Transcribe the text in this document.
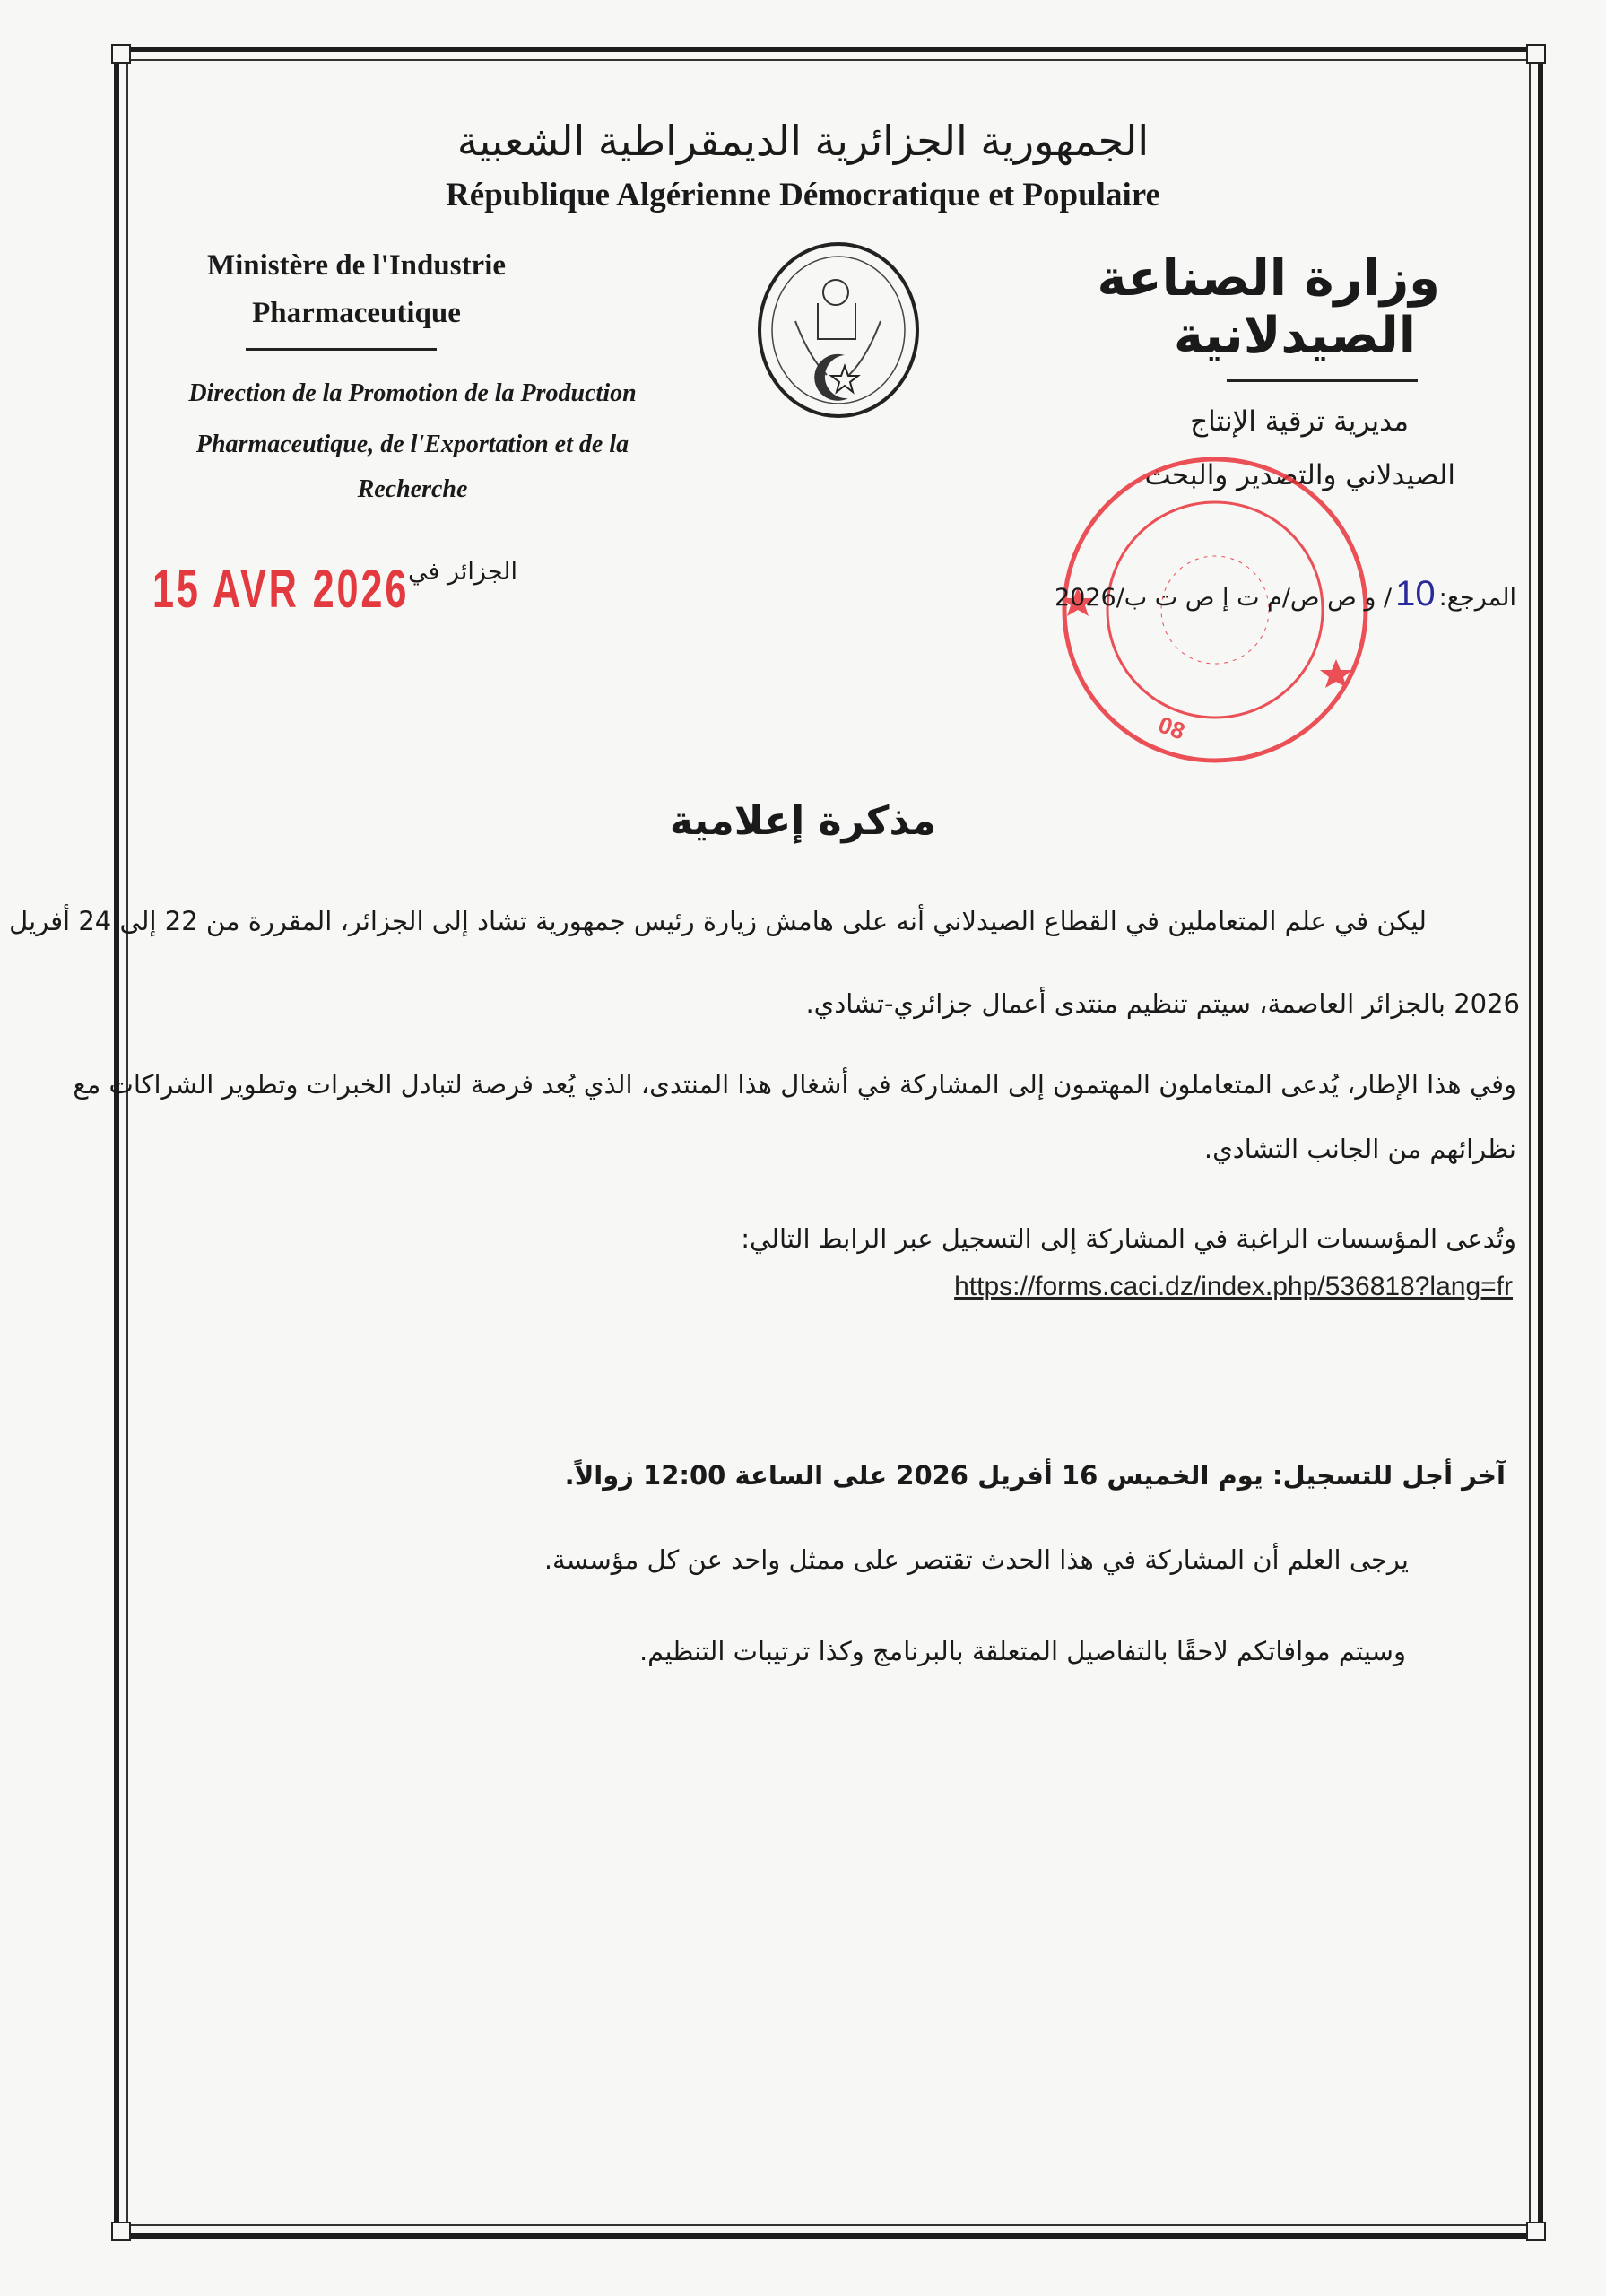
الجمهورية الجزائرية الديمقراطية الشعبية
République Algérienne Démocratique et Populaire
Ministère de l'Industrie
Pharmaceutique
Direction de la Promotion de la Production
Pharmaceutique, de l'Exportation et de la
Recherche
وزارة الصناعة
الصيدلانية
مديرية ترقية الإنتاج
الصيدلاني والتصدير والبحث
08
15 AVR 2026
الجزائر في
المرجع:
10
/ و ص ص/م ت إ ص ت ب/2026
مذكرة إعلامية
ليكن في علم المتعاملين في القطاع الصيدلاني أنه على هامش زيارة رئيس جمهورية تشاد إلى الجزائر، المقررة من 22 إلى 24 أفريل
2026 بالجزائر العاصمة، سيتم تنظيم منتدى أعمال جزائري-تشادي.
وفي هذا الإطار، يُدعى المتعاملون المهتمون إلى المشاركة في أشغال هذا المنتدى، الذي يُعد فرصة لتبادل الخبرات وتطوير الشراكات مع
نظرائهم من الجانب التشادي.
وتُدعى المؤسسات الراغبة في المشاركة إلى التسجيل عبر الرابط التالي:
https://forms.caci.dz/index.php/536818?lang=fr
آخر أجل للتسجيل: يوم الخميس 16 أفريل 2026 على الساعة 12:00 زوالاً.
يرجى العلم أن المشاركة في هذا الحدث تقتصر على ممثل واحد عن كل مؤسسة.
وسيتم موافاتكم لاحقًا بالتفاصيل المتعلقة بالبرنامج وكذا ترتيبات التنظيم.
